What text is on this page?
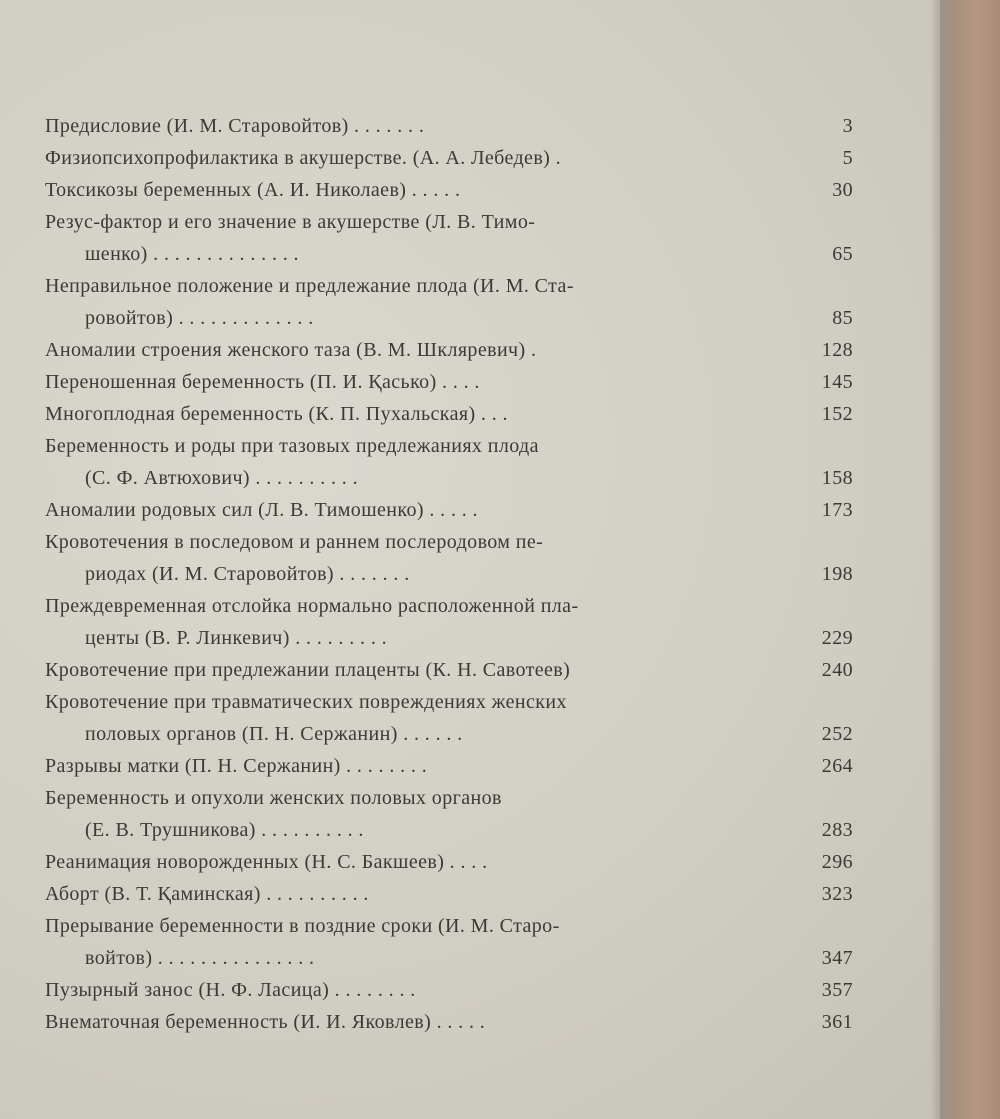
Предисловие (И. М. Старовойтов) . . . . . . .	3
Физиопсихопрофилактика в акушерстве. (А. А. Лебедев) .	5
Токсикозы беременных (А. И. Николаев) . . . . .	30
Резус-фактор и его значение в акушерстве (Л. В. Тимо-
шенко) . . . . . . . . . . . . . .	65
Неправильное положение и предлежание плода (И. М. Ста-
ровойтов) . . . . . . . . . . . . .	85
Аномалии строения женского таза (В. М. Шкляревич) .	128
Переношенная беременность (П. И. Қасько) . . . .	145
Многоплодная беременность (К. П. Пухальская) . . .	152
Беременность и роды при тазовых предлежаниях плода
(С. Ф. Автюхович) . . . . . . . . . .	158
Аномалии родовых сил (Л. В. Тимошенко) . . . . .	173
Кровотечения в последовом и раннем послеродовом пе-
риодах (И. М. Старовойтов) . . . . . . .	198
Преждевременная отслойка нормально расположенной пла-
центы (В. Р. Линкевич) . . . . . . . . .	229
Кровотечение при предлежании плаценты (К. Н. Савотеев)	240
Кровотечение при травматических повреждениях женских
половых органов (П. Н. Сержанин) . . . . . .	252
Разрывы матки (П. Н. Сержанин) . . . . . . . .	264
Беременность и опухоли женских половых органов
(Е. В. Трушникова) . . . . . . . . . .	283
Реанимация новорожденных (Н. С. Бакшеев) . . . .	296
Аборт (В. Т. Қаминская) . . . . . . . . . .	323
Прерывание беременности в поздние сроки (И. М. Старо-
войтов) . . . . . . . . . . . . . . .	347
Пузырный занос (Н. Ф. Ласица) . . . . . . . .	357
Внематочная беременность (И. И. Яковлев) . . . . .	361
